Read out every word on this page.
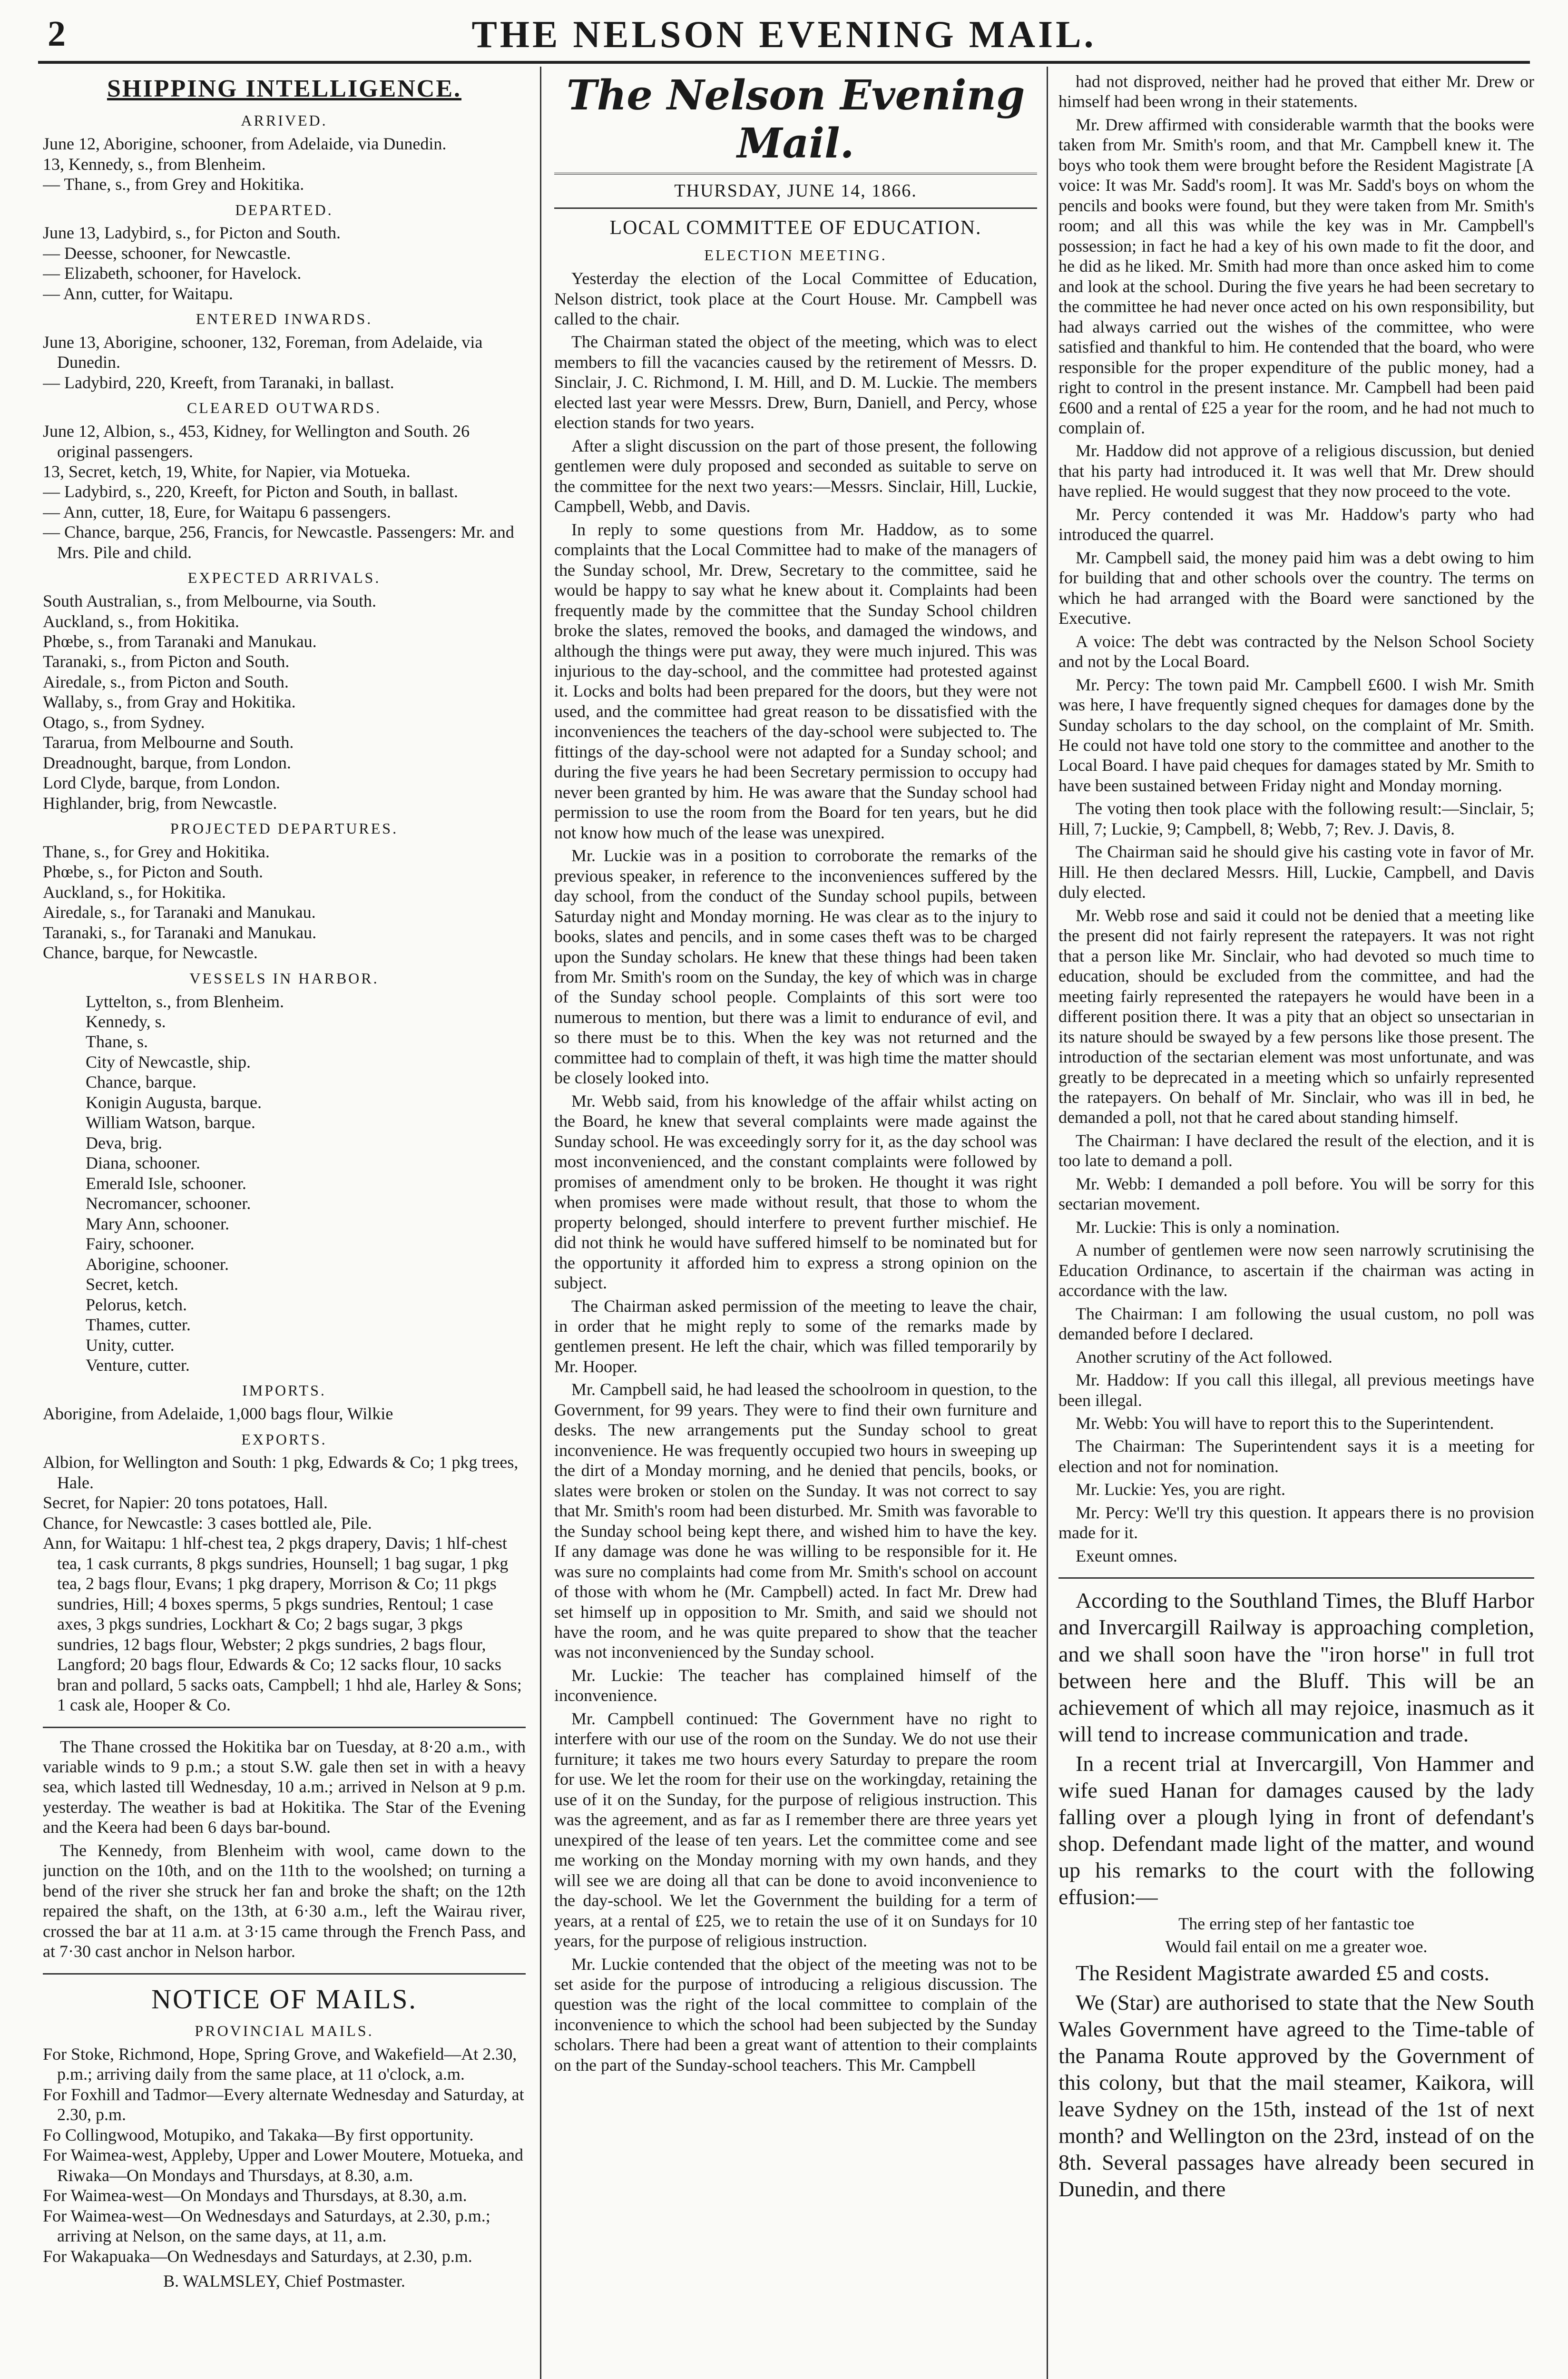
2	THE NELSON EVENING MAIL.
SHIPPING INTELLIGENCE.
ARRIVED.
June 12, Aborigine, schooner, from Adelaide, via Dunedin.
13, Kennedy, s., from Blenheim.
— Thane, s., from Grey and Hokitika.
DEPARTED.
June 13, Ladybird, s., for Picton and South.
— Deesse, schooner, for Newcastle.
— Elizabeth, schooner, for Havelock.
— Ann, cutter, for Waitapu.
ENTERED INWARDS.
June 13, Aborigine, schooner, 132, Foreman, from Adelaide, via Dunedin.
— Ladybird, 220, Kreeft, from Taranaki, in ballast.
CLEARED OUTWARDS.
June 12, Albion, s., 453, Kidney, for Wellington and South. 26 original passengers.
13, Secret, ketch, 19, White, for Napier, via Motueka.
— Ladybird, s., 220, Kreeft, for Picton and South, in ballast.
— Ann, cutter, 18, Eure, for Waitapu 6 passengers.
— Chance, barque, 256, Francis, for Newcastle. Passengers: Mr. and Mrs. Pile and child.
EXPECTED ARRIVALS.
South Australian, s., from Melbourne, via South.
Auckland, s., from Hokitika.
Phœbe, s., from Taranaki and Manukau.
Taranaki, s., from Picton and South.
Airedale, s., from Picton and South.
Wallaby, s., from Gray and Hokitika.
Otago, s., from Sydney.
Tararua, from Melbourne and South.
Dreadnought, barque, from London.
Lord Clyde, barque, from London.
Highlander, brig, from Newcastle.
PROJECTED DEPARTURES.
Thane, s., for Grey and Hokitika.
Phœbe, s., for Picton and South.
Auckland, s., for Hokitika.
Airedale, s., for Taranaki and Manukau.
Taranaki, s., for Taranaki and Manukau.
Chance, barque, for Newcastle.
VESSELS IN HARBOR.
Lyttelton, s., from Blenheim.
Kennedy, s.
Thane, s.
City of Newcastle, ship.
Chance, barque.
Konigin Augusta, barque.
William Watson, barque.
Deva, brig.
Diana, schooner.
Emerald Isle, schooner.
Necromancer, schooner.
Mary Ann, schooner.
Fairy, schooner.
Aborigine, schooner.
Secret, ketch.
Pelorus, ketch.
Thames, cutter.
Unity, cutter.
Venture, cutter.
IMPORTS.
Aborigine, from Adelaide, 1,000 bags flour, Wilkie
EXPORTS.
Albion, for Wellington and South: 1 pkg, Edwards & Co; 1 pkg trees, Hale.
Secret, for Napier: 20 tons potatoes, Hall.
Chance, for Newcastle: 3 cases bottled ale, Pile.
Ann, for Waitapu: 1 hlf-chest tea, 2 pkgs drapery, Davis; 1 hlf-chest tea, 1 cask currants, 8 pkgs sundries, Hounsell; 1 bag sugar, 1 pkg tea, 2 bags flour, Evans; 1 pkg drapery, Morrison & Co; 11 pkgs sundries, Hill; 4 boxes sperms, 5 pkgs sundries, Rentoul; 1 case axes, 3 pkgs sundries, Lockhart & Co; 2 bags sugar, 3 pkgs sundries, 12 bags flour, Webster; 2 pkgs sundries, 2 bags flour, Langford; 20 bags flour, Edwards & Co; 12 sacks flour, 10 sacks bran and pollard, 5 sacks oats, Campbell; 1 hhd ale, Harley & Sons; 1 cask ale, Hooper & Co.

The Thane crossed the Hokitika bar on Tuesday, at 8·20 a.m., with variable winds to 9 p.m.; a stout S.W. gale then set in with a heavy sea, which lasted till Wednesday, 10 a.m.; arrived in Nelson at 9 p.m. yesterday. The weather is bad at Hokitika. The Star of the Evening and the Keera had been 6 days bar-bound.

The Kennedy, from Blenheim with wool, came down to the junction on the 10th, and on the 11th to the woolshed; on turning a bend of the river she struck her fan and broke the shaft; on the 12th repaired the shaft, on the 13th, at 6·30 a.m., left the Wairau river, crossed the bar at 11 a.m. at 3·15 came through the French Pass, and at 7·30 cast anchor in Nelson harbor.

NOTICE OF MAILS.
PROVINCIAL MAILS.
For Stoke, Richmond, Hope, Spring Grove, and Wakefield—At 2.30, p.m.; arriving daily from the same place, at 11 o'clock, a.m.
For Foxhill and Tadmor—Every alternate Wednesday and Saturday, at 2.30, p.m.
Fo Collingwood, Motupiko, and Takaka—By first opportunity.
For Waimea-west, Appleby, Upper and Lower Moutere, Motueka, and Riwaka—On Mondays and Thursdays, at 8.30, a.m.
For Waimea-west—On Mondays and Thursdays, at 8.30, a.m.
For Waimea-west—On Wednesdays and Saturdays, at 2.30, p.m.; arriving at Nelson, on the same days, at 11, a.m.
For Wakapuaka—On Wednesdays and Saturdays, at 2.30, p.m.
B. WALMSLEY, Chief Postmaster.
The Nelson Evening Mail.
THURSDAY, JUNE 14, 1866.
LOCAL COMMITTEE OF EDUCATION.
ELECTION MEETING.

Yesterday the election of the Local Committee of Education, Nelson district, took place at the Court House. Mr. Campbell was called to the chair.

The Chairman stated the object of the meeting, which was to elect members to fill the vacancies caused by the retirement of Messrs. D. Sinclair, J. C. Richmond, I. M. Hill, and D. M. Luckie. The members elected last year were Messrs. Drew, Burn, Daniell, and Percy, whose election stands for two years.

After a slight discussion on the part of those present, the following gentlemen were duly proposed and seconded as suitable to serve on the committee for the next two years:—Messrs. Sinclair, Hill, Luckie, Campbell, Webb, and Davis.

In reply to some questions from Mr. Haddow, as to some complaints that the Local Committee had to make of the managers of the Sunday school, Mr. Drew, Secretary to the committee, said he would be happy to say what he knew about it. Complaints had been frequently made by the committee that the Sunday School children broke the slates, removed the books, and damaged the windows, and although the things were put away, they were much injured. This was injurious to the day-school, and the committee had protested against it. Locks and bolts had been prepared for the doors, but they were not used, and the committee had great reason to be dissatisfied with the inconveniences the teachers of the day-school were subjected to. The fittings of the day-school were not adapted for a Sunday school; and during the five years he had been Secretary permission to occupy had never been granted by him. He was aware that the Sunday school had permission to use the room from the Board for ten years, but he did not know how much of the lease was unexpired.

Mr. Luckie was in a position to corroborate the remarks of the previous speaker, in reference to the inconveniences suffered by the day school, from the conduct of the Sunday school pupils, between Saturday night and Monday morning. He was clear as to the injury to books, slates and pencils, and in some cases theft was to be charged upon the Sunday scholars. He knew that these things had been taken from Mr. Smith's room on the Sunday, the key of which was in charge of the Sunday school people. Complaints of this sort were too numerous to mention, but there was a limit to endurance of evil, and so there must be to this. When the key was not returned and the committee had to complain of theft, it was high time the matter should be closely looked into.

Mr. Webb said, from his knowledge of the affair whilst acting on the Board, he knew that several complaints were made against the Sunday school. He was exceedingly sorry for it, as the day school was most inconvenienced, and the constant complaints were followed by promises of amendment only to be broken. He thought it was right when promises were made without result, that those to whom the property belonged, should interfere to prevent further mischief. He did not think he would have suffered himself to be nominated but for the opportunity it afforded him to express a strong opinion on the subject.

The Chairman asked permission of the meeting to leave the chair, in order that he might reply to some of the remarks made by gentlemen present. He left the chair, which was filled temporarily by Mr. Hooper.

Mr. Campbell said, he had leased the schoolroom in question, to the Government, for 99 years. They were to find their own furniture and desks. The new arrangements put the Sunday school to great inconvenience. He was frequently occupied two hours in sweeping up the dirt of a Monday morning, and he denied that pencils, books, or slates were broken or stolen on the Sunday. It was not correct to say that Mr. Smith's room had been disturbed. Mr. Smith was favorable to the Sunday school being kept there, and wished him to have the key. If any damage was done he was willing to be responsible for it. He was sure no complaints had come from Mr. Smith's school on account of those with whom he (Mr. Campbell) acted. In fact Mr. Drew had set himself up in opposition to Mr. Smith, and said we should not have the room, and he was quite prepared to show that the teacher was not inconvenienced by the Sunday school.

Mr. Luckie: The teacher has complained himself of the inconvenience.

Mr. Campbell continued: The Government have no right to interfere with our use of the room on the Sunday. We do not use their furniture; it takes me two hours every Saturday to prepare the room for use. We let the room for their use on the workingday, retaining the use of it on the Sunday, for the purpose of religious instruction. This was the agreement, and as far as I remember there are three years yet unexpired of the lease of ten years. Let the committee come and see me working on the Monday morning with my own hands, and they will see we are doing all that can be done to avoid inconvenience to the day-school. We let the Government the building for a term of years, at a rental of £25, we to retain the use of it on Sundays for 10 years, for the purpose of religious instruction.

Mr. Luckie contended that the object of the meeting was not to be set aside for the purpose of introducing a religious discussion. The question was the right of the local committee to complain of the inconvenience to which the school had been subjected by the Sunday scholars. There had been a great want of attention to their complaints on the part of the Sunday-school teachers. This Mr. Campbell

had not disproved, neither had he proved that either Mr. Drew or himself had been wrong in their statements.

Mr. Drew affirmed with considerable warmth that the books were taken from Mr. Smith's room, and that Mr. Campbell knew it. The boys who took them were brought before the Resident Magistrate [A voice: It was Mr. Sadd's room]. It was Mr. Sadd's boys on whom the pencils and books were found, but they were taken from Mr. Smith's room; and all this was while the key was in Mr. Campbell's possession; in fact he had a key of his own made to fit the door, and he did as he liked. Mr. Smith had more than once asked him to come and look at the school. During the five years he had been secretary to the committee he had never once acted on his own responsibility, but had always carried out the wishes of the committee, who were satisfied and thankful to him. He contended that the board, who were responsible for the proper expenditure of the public money, had a right to control in the present instance. Mr. Campbell had been paid £600 and a rental of £25 a year for the room, and he had not much to complain of.

Mr. Haddow did not approve of a religious discussion, but denied that his party had introduced it. It was well that Mr. Drew should have replied. He would suggest that they now proceed to the vote.

Mr. Percy contended it was Mr. Haddow's party who had introduced the quarrel.

Mr. Campbell said, the money paid him was a debt owing to him for building that and other schools over the country. The terms on which he had arranged with the Board were sanctioned by the Executive.

A voice: The debt was contracted by the Nelson School Society and not by the Local Board.

Mr. Percy: The town paid Mr. Campbell £600. I wish Mr. Smith was here, I have frequently signed cheques for damages done by the Sunday scholars to the day school, on the complaint of Mr. Smith. He could not have told one story to the committee and another to the Local Board. I have paid cheques for damages stated by Mr. Smith to have been sustained between Friday night and Monday morning.

The voting then took place with the following result:—Sinclair, 5; Hill, 7; Luckie, 9; Campbell, 8; Webb, 7; Rev. J. Davis, 8.

The Chairman said he should give his casting vote in favor of Mr. Hill. He then declared Messrs. Hill, Luckie, Campbell, and Davis duly elected.

Mr. Webb rose and said it could not be denied that a meeting like the present did not fairly represent the ratepayers. It was not right that a person like Mr. Sinclair, who had devoted so much time to education, should be excluded from the committee, and had the meeting fairly represented the ratepayers he would have been in a different position there. It was a pity that an object so unsectarian in its nature should be swayed by a few persons like those present. The introduction of the sectarian element was most unfortunate, and was greatly to be deprecated in a meeting which so unfairly represented the ratepayers. On behalf of Mr. Sinclair, who was ill in bed, he demanded a poll, not that he cared about standing himself.

The Chairman: I have declared the result of the election, and it is too late to demand a poll.

Mr. Webb: I demanded a poll before. You will be sorry for this sectarian movement.

Mr. Luckie: This is only a nomination.

A number of gentlemen were now seen narrowly scrutinising the Education Ordinance, to ascertain if the chairman was acting in accordance with the law.

The Chairman: I am following the usual custom, no poll was demanded before I declared.

Another scrutiny of the Act followed.

Mr. Haddow: If you call this illegal, all previous meetings have been illegal.

Mr. Webb: You will have to report this to the Superintendent.

The Chairman: The Superintendent says it is a meeting for election and not for nomination.

Mr. Luckie: Yes, you are right.

Mr. Percy: We'll try this question. It appears there is no provision made for it.

Exeunt omnes.

According to the Southland Times, the Bluff Harbor and Invercargill Railway is approaching completion, and we shall soon have the "iron horse" in full trot between here and the Bluff. This will be an achievement of which all may rejoice, inasmuch as it will tend to increase communication and trade.

In a recent trial at Invercargill, Von Hammer and wife sued Hanan for damages caused by the lady falling over a plough lying in front of defendant's shop. Defendant made light of the matter, and wound up his remarks to the court with the following effusion:—

The erring step of her fantastic toe
Would fail entail on me a greater woe.

The Resident Magistrate awarded £5 and costs.

We (Star) are authorised to state that the New South Wales Government have agreed to the Time-table of the Panama Route approved by the Government of this colony, but that the mail steamer, Kaikora, will leave Sydney on the 15th, instead of the 1st of next month? and Wellington on the 23rd, instead of on the 8th. Several passages have already been secured in Dunedin, and there
